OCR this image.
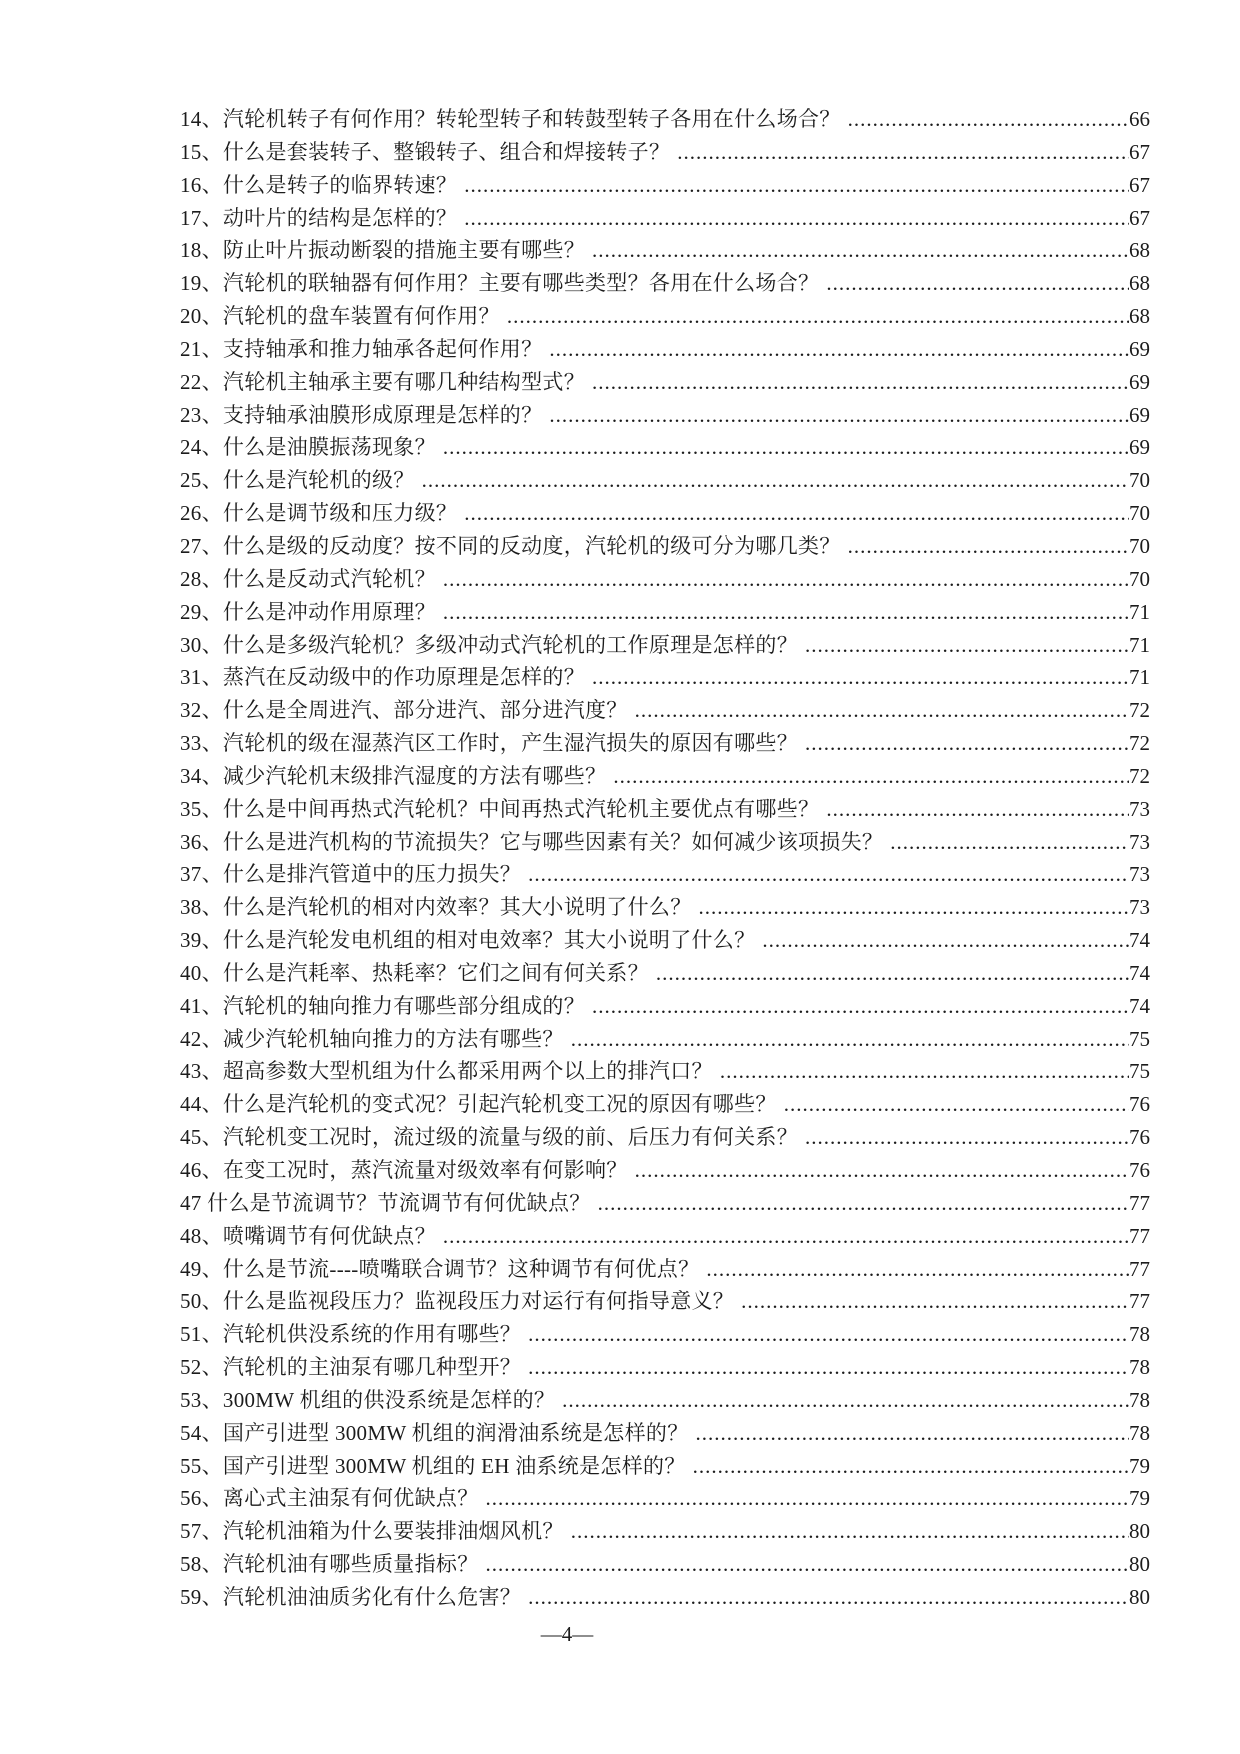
14、汽轮机转子有何作用？转轮型转子和转鼓型转子各用在什么场合？ .....	66
15、什么是套装转子、整锻转子、组合和焊接转子？ .....	67
16、什么是转子的临界转速？ .....	67
17、动叶片的结构是怎样的？ .....	67
18、防止叶片振动断裂的措施主要有哪些？ .....	68
19、汽轮机的联轴器有何作用？主要有哪些类型？各用在什么场合？ .....	68
20、汽轮机的盘车装置有何作用？ .....	68
21、支持轴承和推力轴承各起何作用？ .....	69
22、汽轮机主轴承主要有哪几种结构型式？ .....	69
23、支持轴承油膜形成原理是怎样的？ .....	69
24、什么是油膜振荡现象？ .....	69
25、什么是汽轮机的级？ .....	70
26、什么是调节级和压力级？ .....	70
27、什么是级的反动度？按不同的反动度，汽轮机的级可分为哪几类？ .....	70
28、什么是反动式汽轮机？ .....	70
29、什么是冲动作用原理？ .....	71
30、什么是多级汽轮机？多级冲动式汽轮机的工作原理是怎样的？ .....	71
31、蒸汽在反动级中的作功原理是怎样的？ .....	71
32、什么是全周进汽、部分进汽、部分进汽度？ .....	72
33、汽轮机的级在湿蒸汽区工作时，产生湿汽损失的原因有哪些？ .....	72
34、减少汽轮机末级排汽湿度的方法有哪些？ .....	72
35、什么是中间再热式汽轮机？中间再热式汽轮机主要优点有哪些？ .....	73
36、什么是进汽机构的节流损失？它与哪些因素有关？如何减少该项损失？ .....	73
37、什么是排汽管道中的压力损失？ .....	73
38、什么是汽轮机的相对内效率？其大小说明了什么？ .....	73
39、什么是汽轮发电机组的相对电效率？其大小说明了什么？ .....	74
40、什么是汽耗率、热耗率？它们之间有何关系？ .....	74
41、汽轮机的轴向推力有哪些部分组成的？ .....	74
42、减少汽轮机轴向推力的方法有哪些？ .....	75
43、超高参数大型机组为什么都采用两个以上的排汽口？ .....	75
44、什么是汽轮机的变式况？引起汽轮机变工况的原因有哪些？ .....	76
45、汽轮机变工况时，流过级的流量与级的前、后压力有何关系？ .....	76
46、在变工况时，蒸汽流量对级效率有何影响？ .....	76
47 什么是节流调节？节流调节有何优缺点？ .....	77
48、喷嘴调节有何优缺点？ .....	77
49、什么是节流----喷嘴联合调节？这种调节有何优点？ .....	77
50、什么是监视段压力？监视段压力对运行有何指导意义？ .....	77
51、汽轮机供没系统的作用有哪些？ .....	78
52、汽轮机的主油泵有哪几种型开？ .....	78
53、300MW 机组的供没系统是怎样的？ .....	78
54、国产引进型 300MW 机组的润滑油系统是怎样的？ .....	78
55、国产引进型 300MW 机组的 EH 油系统是怎样的？ .....	79
56、离心式主油泵有何优缺点？ .....	79
57、汽轮机油箱为什么要装排油烟风机？ .....	80
58、汽轮机油有哪些质量指标？ .....	80
59、汽轮机油油质劣化有什么危害？ .....	80
—4—
